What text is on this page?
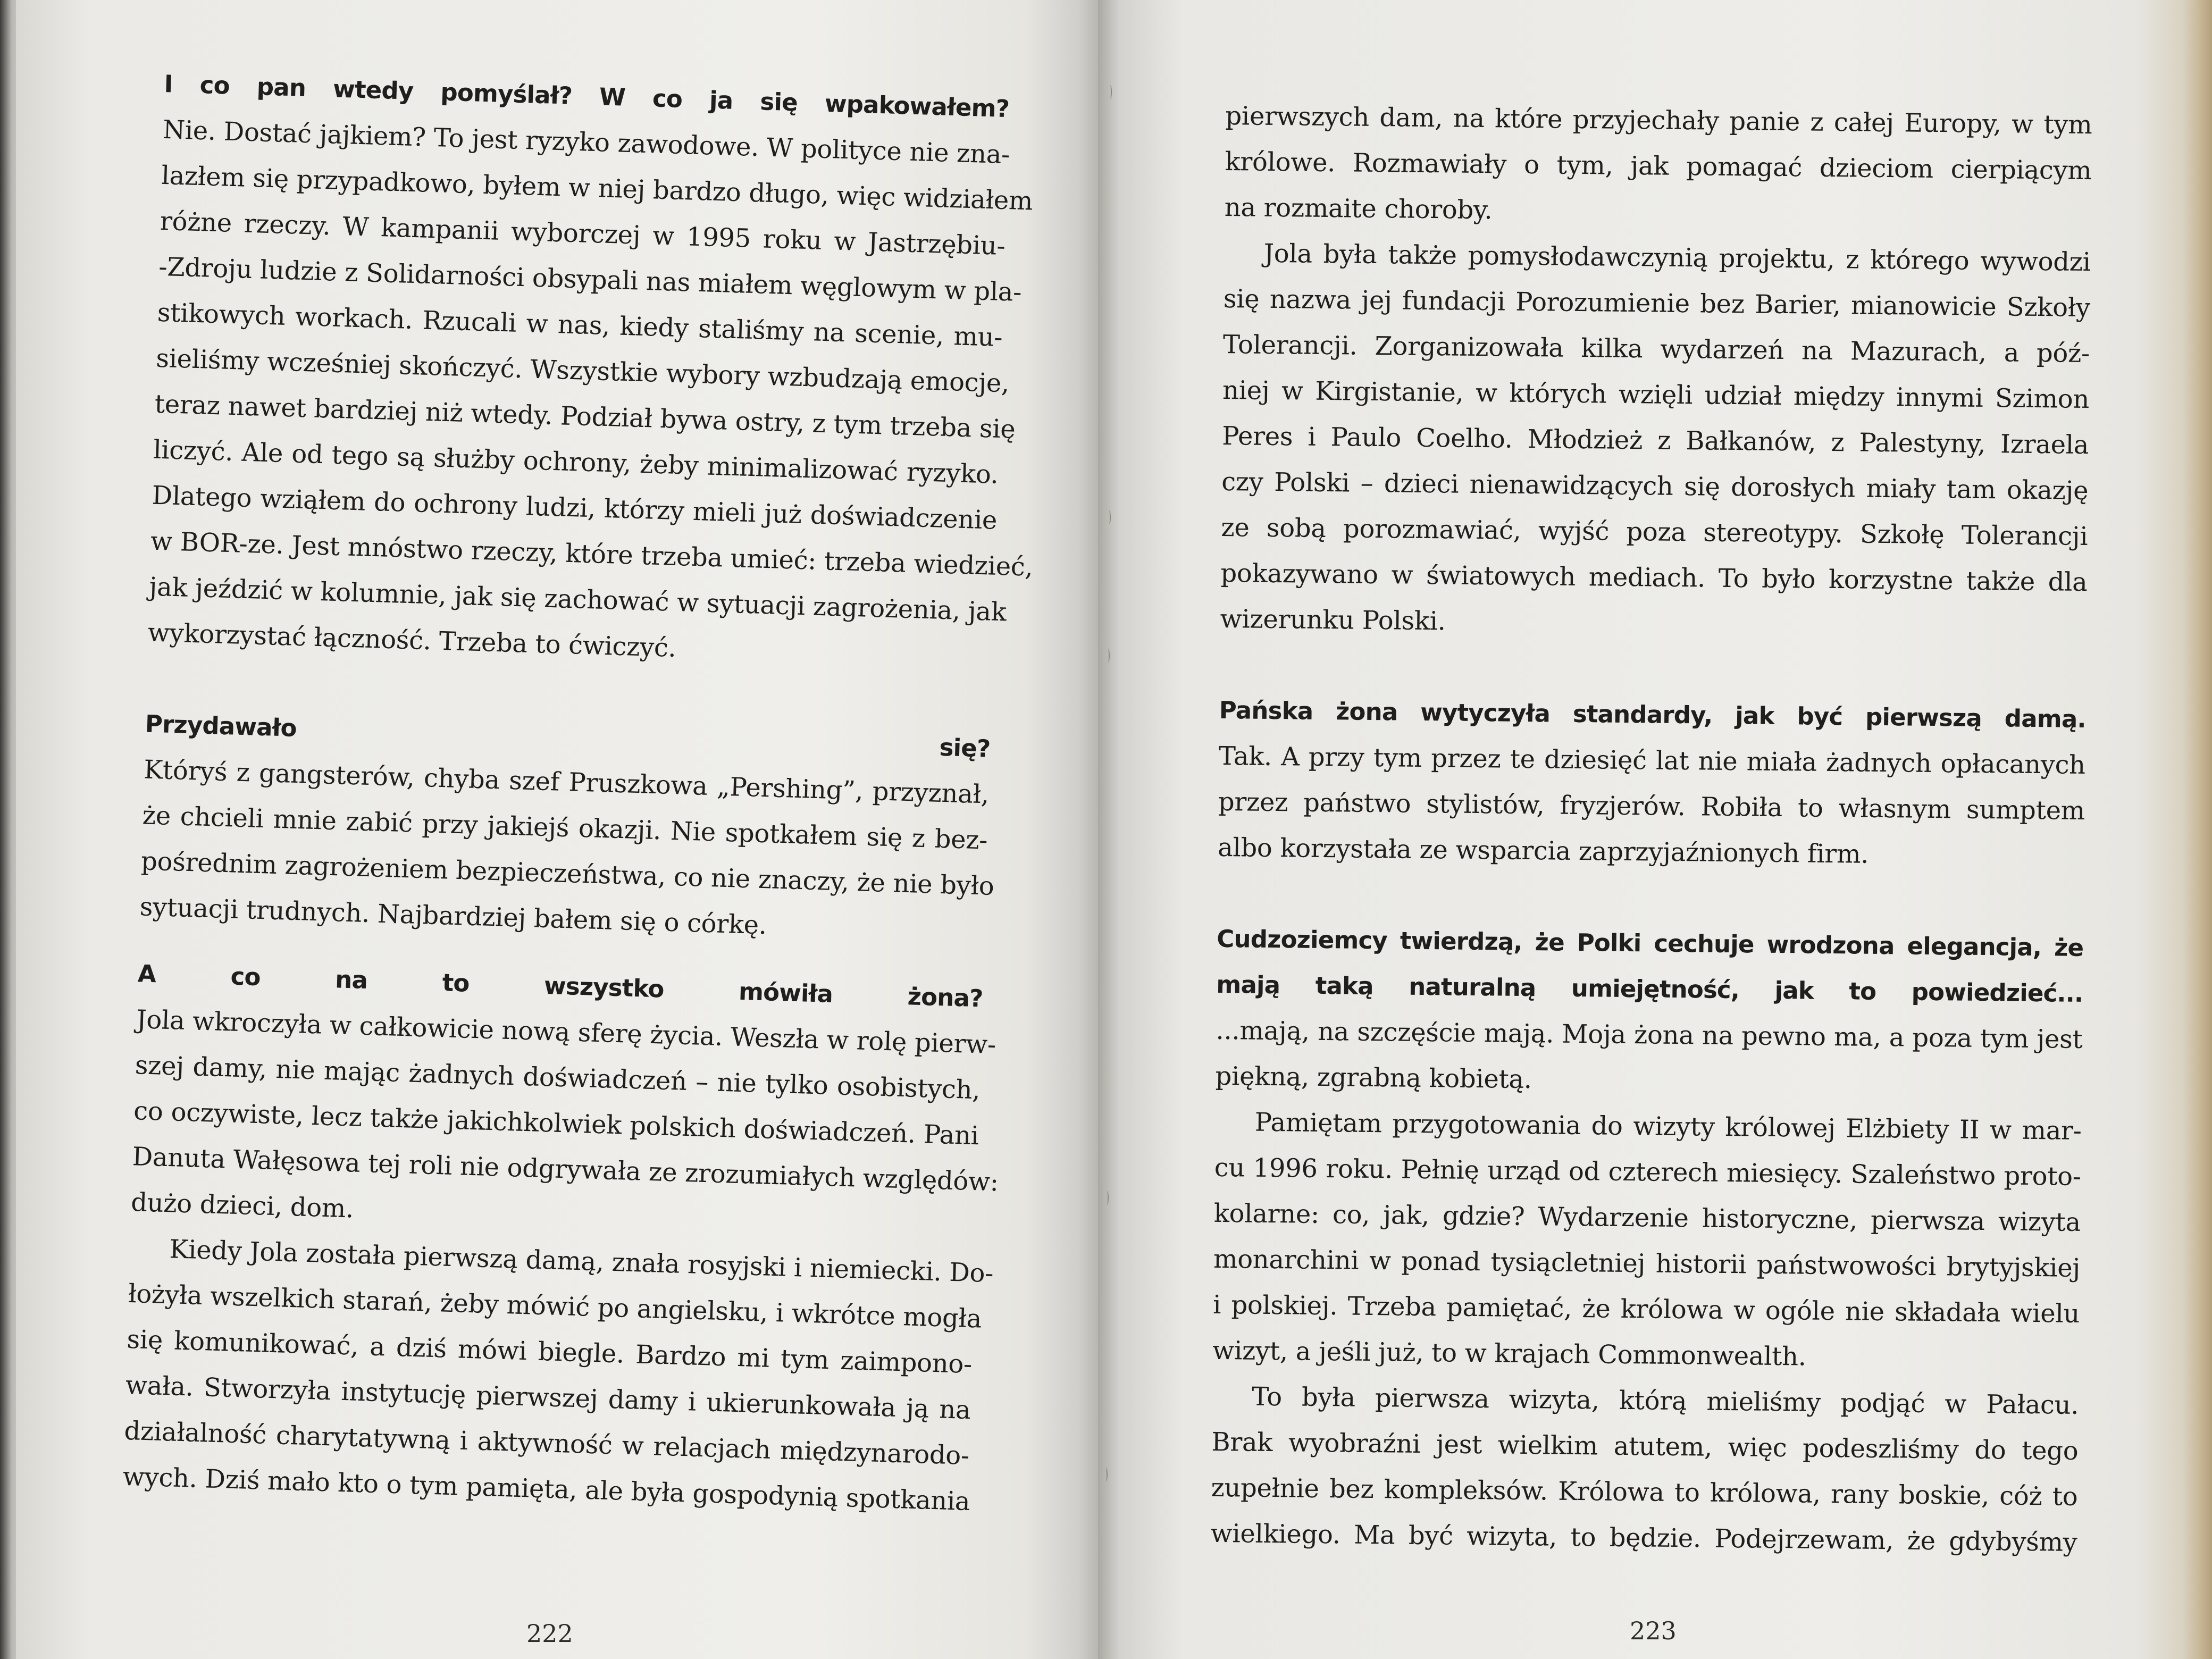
I co pan wtedy pomyślał? W co ja się wpakowałem?
Nie. Dostać jajkiem? To jest ryzyko zawodowe. W polityce nie zna-
lazłem się przypadkowo, byłem w niej bardzo długo, więc widziałem
różne rzeczy. W kampanii wyborczej w 1995 roku w Jastrzębiu-
-Zdroju ludzie z Solidarności obsypali nas miałem węglowym w pla-
stikowych workach. Rzucali w nas, kiedy staliśmy na scenie, mu-
sieliśmy wcześniej skończyć. Wszystkie wybory wzbudzają emocje,
teraz nawet bardziej niż wtedy. Podział bywa ostry, z tym trzeba się
liczyć. Ale od tego są służby ochrony, żeby minimalizować ryzyko.
Dlatego wziąłem do ochrony ludzi, którzy mieli już doświadczenie
w BOR-ze. Jest mnóstwo rzeczy, które trzeba umieć: trzeba wiedzieć,
jak jeździć w kolumnie, jak się zachować w sytuacji zagrożenia, jak
wykorzystać łączność. Trzeba to ćwiczyć.
Przydawało się?
Któryś z gangsterów, chyba szef Pruszkowa „Pershing”, przyznał,
że chcieli mnie zabić przy jakiejś okazji. Nie spotkałem się z bez-
pośrednim zagrożeniem bezpieczeństwa, co nie znaczy, że nie było
sytuacji trudnych. Najbardziej bałem się o córkę.
A co na to wszystko mówiła żona?
Jola wkroczyła w całkowicie nową sferę życia. Weszła w rolę pierw-
szej damy, nie mając żadnych doświadczeń – nie tylko osobistych,
co oczywiste, lecz także jakichkolwiek polskich doświadczeń. Pani
Danuta Wałęsowa tej roli nie odgrywała ze zrozumiałych względów:
dużo dzieci, dom.
Kiedy Jola została pierwszą damą, znała rosyjski i niemiecki. Do-
łożyła wszelkich starań, żeby mówić po angielsku, i wkrótce mogła
się komunikować, a dziś mówi biegle. Bardzo mi tym zaimpono-
wała. Stworzyła instytucję pierwszej damy i ukierunkowała ją na
działalność charytatywną i aktywność w relacjach międzynarodo-
wych. Dziś mało kto o tym pamięta, ale była gospodynią spotkania
222
pierwszych dam, na które przyjechały panie z całej Europy, w tym
królowe. Rozmawiały o tym, jak pomagać dzieciom cierpiącym
na rozmaite choroby.
Jola była także pomysłodawczynią projektu, z którego wywodzi
się nazwa jej fundacji Porozumienie bez Barier, mianowicie Szkoły
Tolerancji. Zorganizowała kilka wydarzeń na Mazurach, a póź-
niej w Kirgistanie, w których wzięli udział między innymi Szimon
Peres i Paulo Coelho. Młodzież z Bałkanów, z Palestyny, Izraela
czy Polski – dzieci nienawidzących się dorosłych miały tam okazję
ze sobą porozmawiać, wyjść poza stereotypy. Szkołę Tolerancji
pokazywano w światowych mediach. To było korzystne także dla
wizerunku Polski.
Pańska żona wytyczyła standardy, jak być pierwszą damą.
Tak. A przy tym przez te dziesięć lat nie miała żadnych opłacanych
przez państwo stylistów, fryzjerów. Robiła to własnym sumptem
albo korzystała ze wsparcia zaprzyjaźnionych firm.
Cudzoziemcy twierdzą, że Polki cechuje wrodzona elegancja, że
mają taką naturalną umiejętność, jak to powiedzieć...
...mają, na szczęście mają. Moja żona na pewno ma, a poza tym jest
piękną, zgrabną kobietą.
Pamiętam przygotowania do wizyty królowej Elżbiety II w mar-
cu 1996 roku. Pełnię urząd od czterech miesięcy. Szaleństwo proto-
kolarne: co, jak, gdzie? Wydarzenie historyczne, pierwsza wizyta
monarchini w ponad tysiącletniej historii państwowości brytyjskiej
i polskiej. Trzeba pamiętać, że królowa w ogóle nie składała wielu
wizyt, a jeśli już, to w krajach Commonwealth.
To była pierwsza wizyta, którą mieliśmy podjąć w Pałacu.
Brak wyobraźni jest wielkim atutem, więc podeszliśmy do tego
zupełnie bez kompleksów. Królowa to królowa, rany boskie, cóż to
wielkiego. Ma być wizyta, to będzie. Podejrzewam, że gdybyśmy
223
